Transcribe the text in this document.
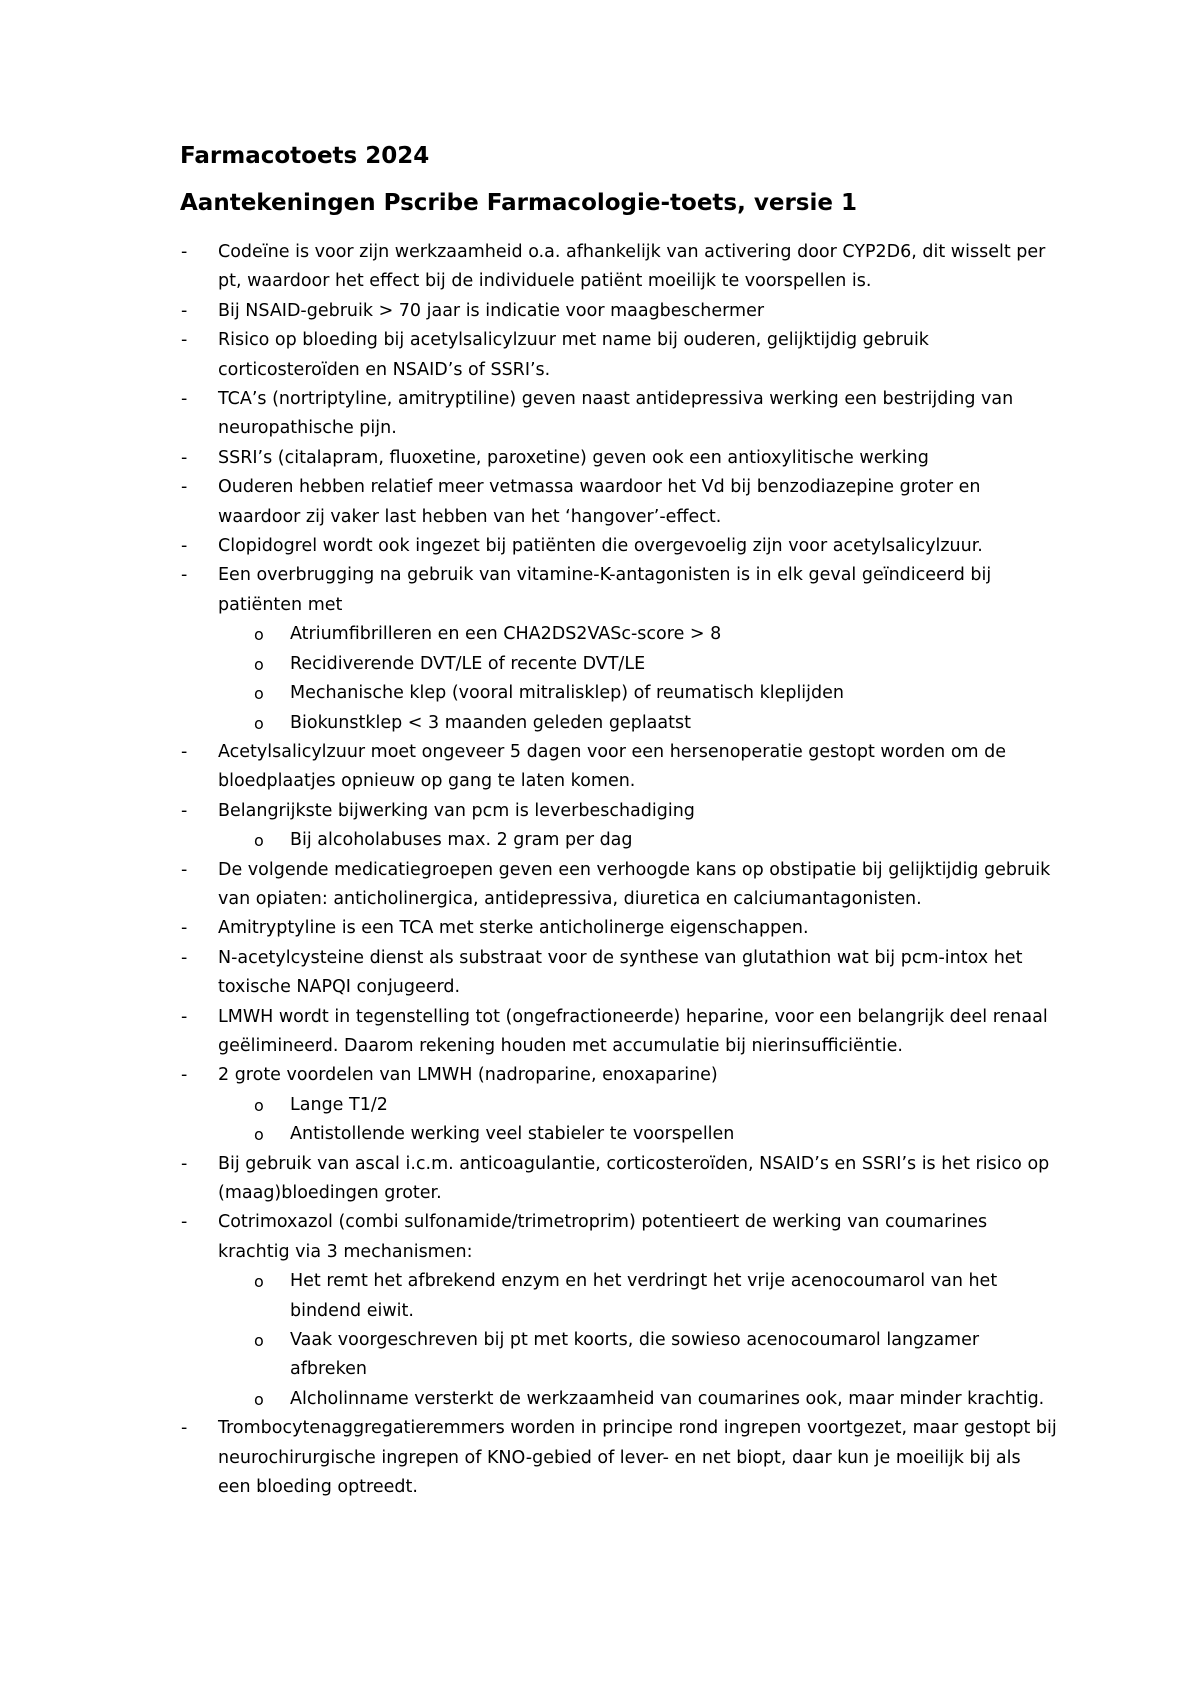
Farmacotoets 2024
Aantekeningen Pscribe Farmacologie-toets, versie 1
- Codeïne is voor zijn werkzaamheid o.a. afhankelijk van activering door CYP2D6, dit wisselt per pt, waardoor het effect bij de individuele patiënt moeilijk te voorspellen is.
- Bij NSAID-gebruik > 70 jaar is indicatie voor maagbeschermer
- Risico op bloeding bij acetylsalicylzuur met name bij ouderen, gelijktijdig gebruik corticosteroïden en NSAID’s of SSRI’s.
- TCA’s (nortriptyline, amitryptiline) geven naast antidepressiva werking een bestrijding van neuropathische pijn.
- SSRI’s (citalapram, fluoxetine, paroxetine) geven ook een antioxylitische werking
- Ouderen hebben relatief meer vetmassa waardoor het Vd bij benzodiazepine groter en waardoor zij vaker last hebben van het ‘hangover’-effect.
- Clopidogrel wordt ook ingezet bij patiënten die overgevoelig zijn voor acetylsalicylzuur.
- Een overbrugging na gebruik van vitamine-K-antagonisten is in elk geval geïndiceerd bij patiënten met
o Atriumfibrilleren en een CHA2DS2VASc-score > 8
o Recidiverende DVT/LE of recente DVT/LE
o Mechanische klep (vooral mitralisklep) of reumatisch kleplijden
o Biokunstklep < 3 maanden geleden geplaatst
- Acetylsalicylzuur moet ongeveer 5 dagen voor een hersenoperatie gestopt worden om de bloedplaatjes opnieuw op gang te laten komen.
- Belangrijkste bijwerking van pcm is leverbeschadiging
o Bij alcoholabuses max. 2 gram per dag
- De volgende medicatiegroepen geven een verhoogde kans op obstipatie bij gelijktijdig gebruik van opiaten: anticholinergica, antidepressiva, diuretica en calciumantagonisten.
- Amitryptyline is een TCA met sterke anticholinerge eigenschappen.
- N-acetylcysteine dienst als substraat voor de synthese van glutathion wat bij pcm-intox het toxische NAPQI conjugeerd.
- LMWH wordt in tegenstelling tot (ongefractioneerde) heparine, voor een belangrijk deel renaal geëlimineerd. Daarom rekening houden met accumulatie bij nierinsufficiëntie.
- 2 grote voordelen van LMWH (nadroparine, enoxaparine)
o Lange T1/2
o Antistollende werking veel stabieler te voorspellen
- Bij gebruik van ascal i.c.m. anticoagulantie, corticosteroïden, NSAID’s en SSRI’s is het risico op (maag)bloedingen groter.
- Cotrimoxazol (combi sulfonamide/trimetroprim) potentieert de werking van coumarines krachtig via 3 mechanismen:
o Het remt het afbrekend enzym en het verdringt het vrije acenocoumarol van het bindend eiwit.
o Vaak voorgeschreven bij pt met koorts, die sowieso acenocoumarol langzamer afbreken
o Alcholinname versterkt de werkzaamheid van coumarines ook, maar minder krachtig.
- Trombocytenaggregatieremmers worden in principe rond ingrepen voortgezet, maar gestopt bij neurochirurgische ingrepen of KNO-gebied of lever- en net biopt, daar kun je moeilijk bij als een bloeding optreedt.
